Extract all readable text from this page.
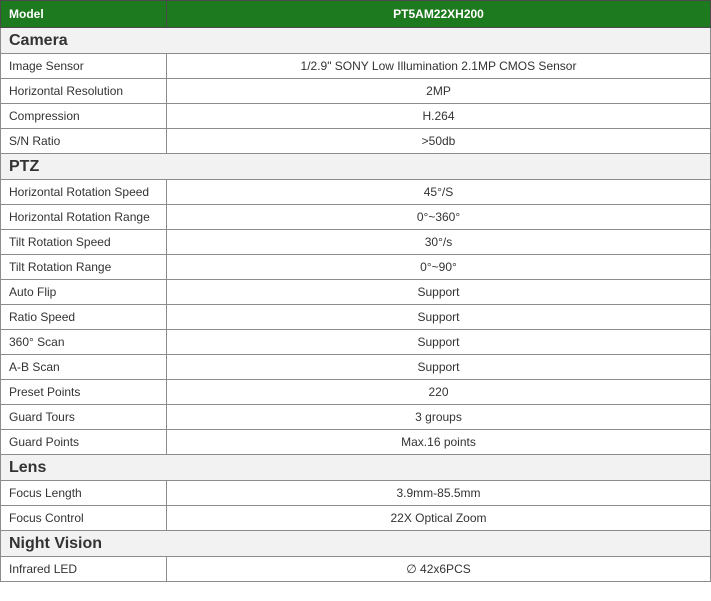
Model	PT5AM22XH200
Camera	
Image Sensor	1/2.9" SONY Low Illumination 2.1MP CMOS Sensor
Horizontal Resolution	2MP
Compression	H.264
S/N Ratio	>50db
PTZ	
Horizontal Rotation Speed	45°/S
Horizontal Rotation Range	0°~360°
Tilt Rotation Speed	30°/s
Tilt Rotation Range	0°~90°
Auto Flip	Support
Ratio Speed	Support
360° Scan	Support
A-B Scan	Support
Preset Points	220
Guard Tours	3 groups
Guard Points	Max.16 points
Lens	
Focus Length	3.9mm-85.5mm
Focus Control	22X Optical Zoom
Night Vision	
Infrared LED	∅ 42x6PCS
